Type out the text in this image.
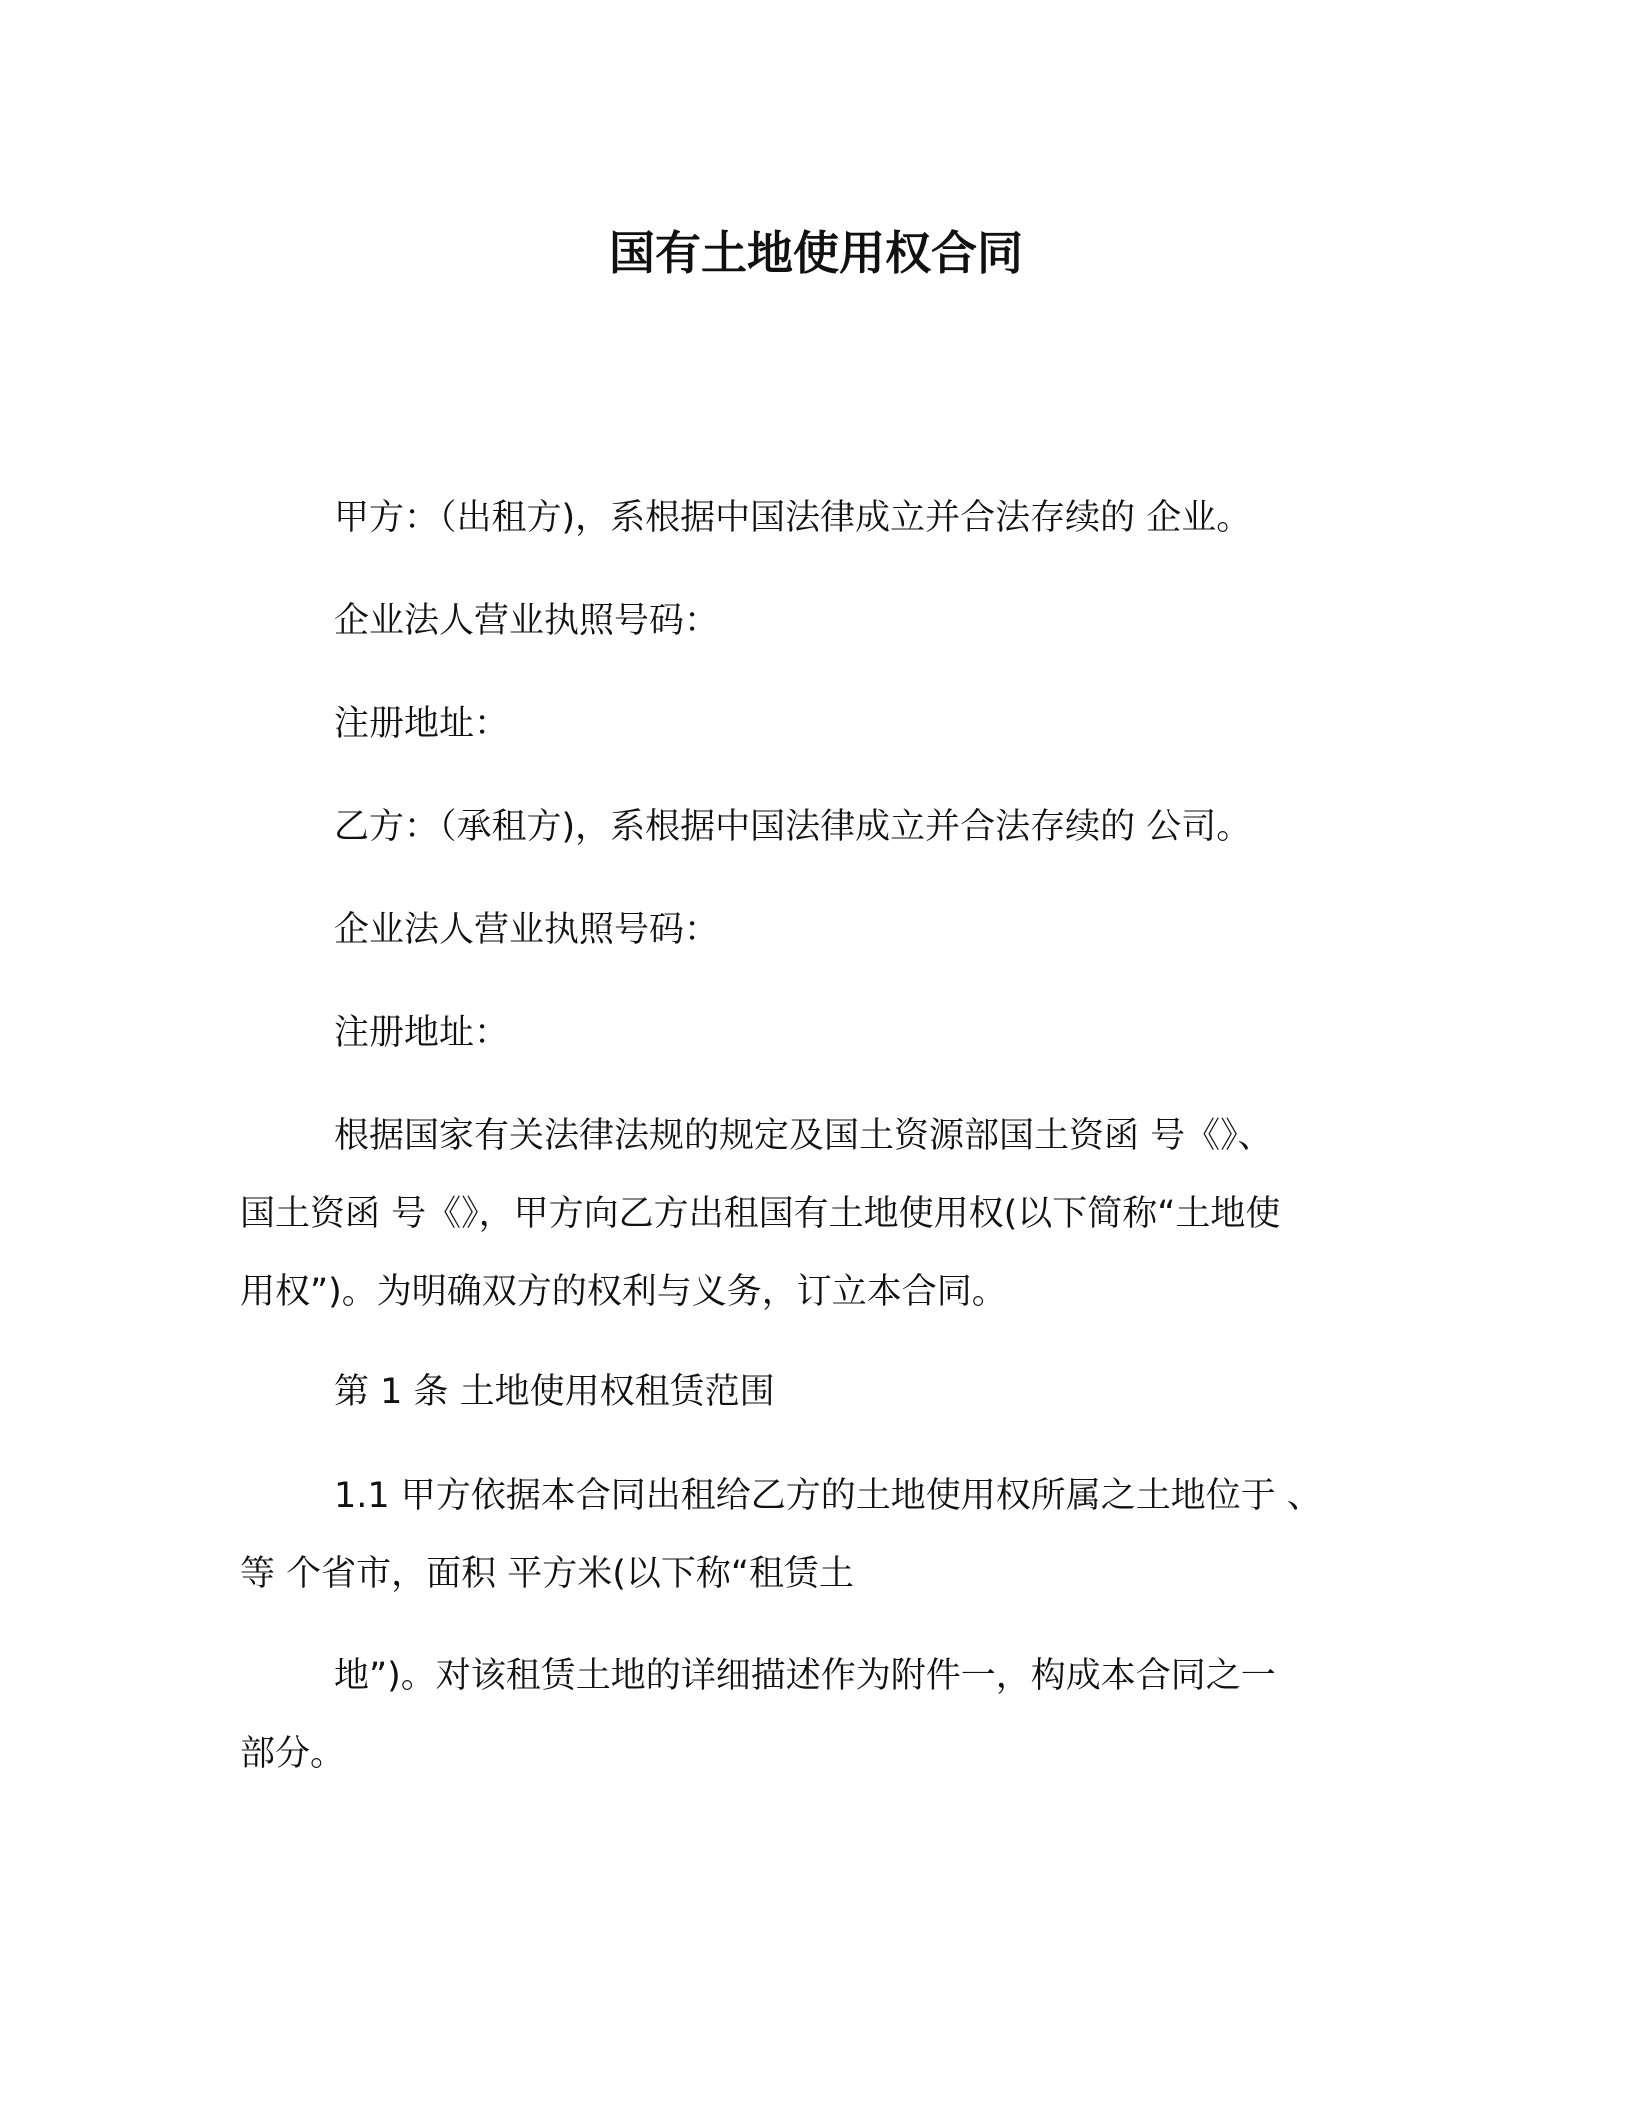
国有土地使用权合同
甲方：（出租方)，系根据中国法律成立并合法存续的 企业。
企业法人营业执照号码：
注册地址：
乙方：（承租方)，系根据中国法律成立并合法存续的 公司。
企业法人营业执照号码：
注册地址：
根据国家有关法律法规的规定及国土资源部国土资函 号《》、
国土资函 号《》，甲方向乙方出租国有土地使用权(以下简称“土地使
用权”)。为明确双方的权利与义务，订立本合同。
第 1 条 土地使用权租赁范围
1.1 甲方依据本合同出租给乙方的土地使用权所属之土地位于 、
等 个省市，面积 平方米(以下称“租赁土
地”)。对该租赁土地的详细描述作为附件一，构成本合同之一
部分。
